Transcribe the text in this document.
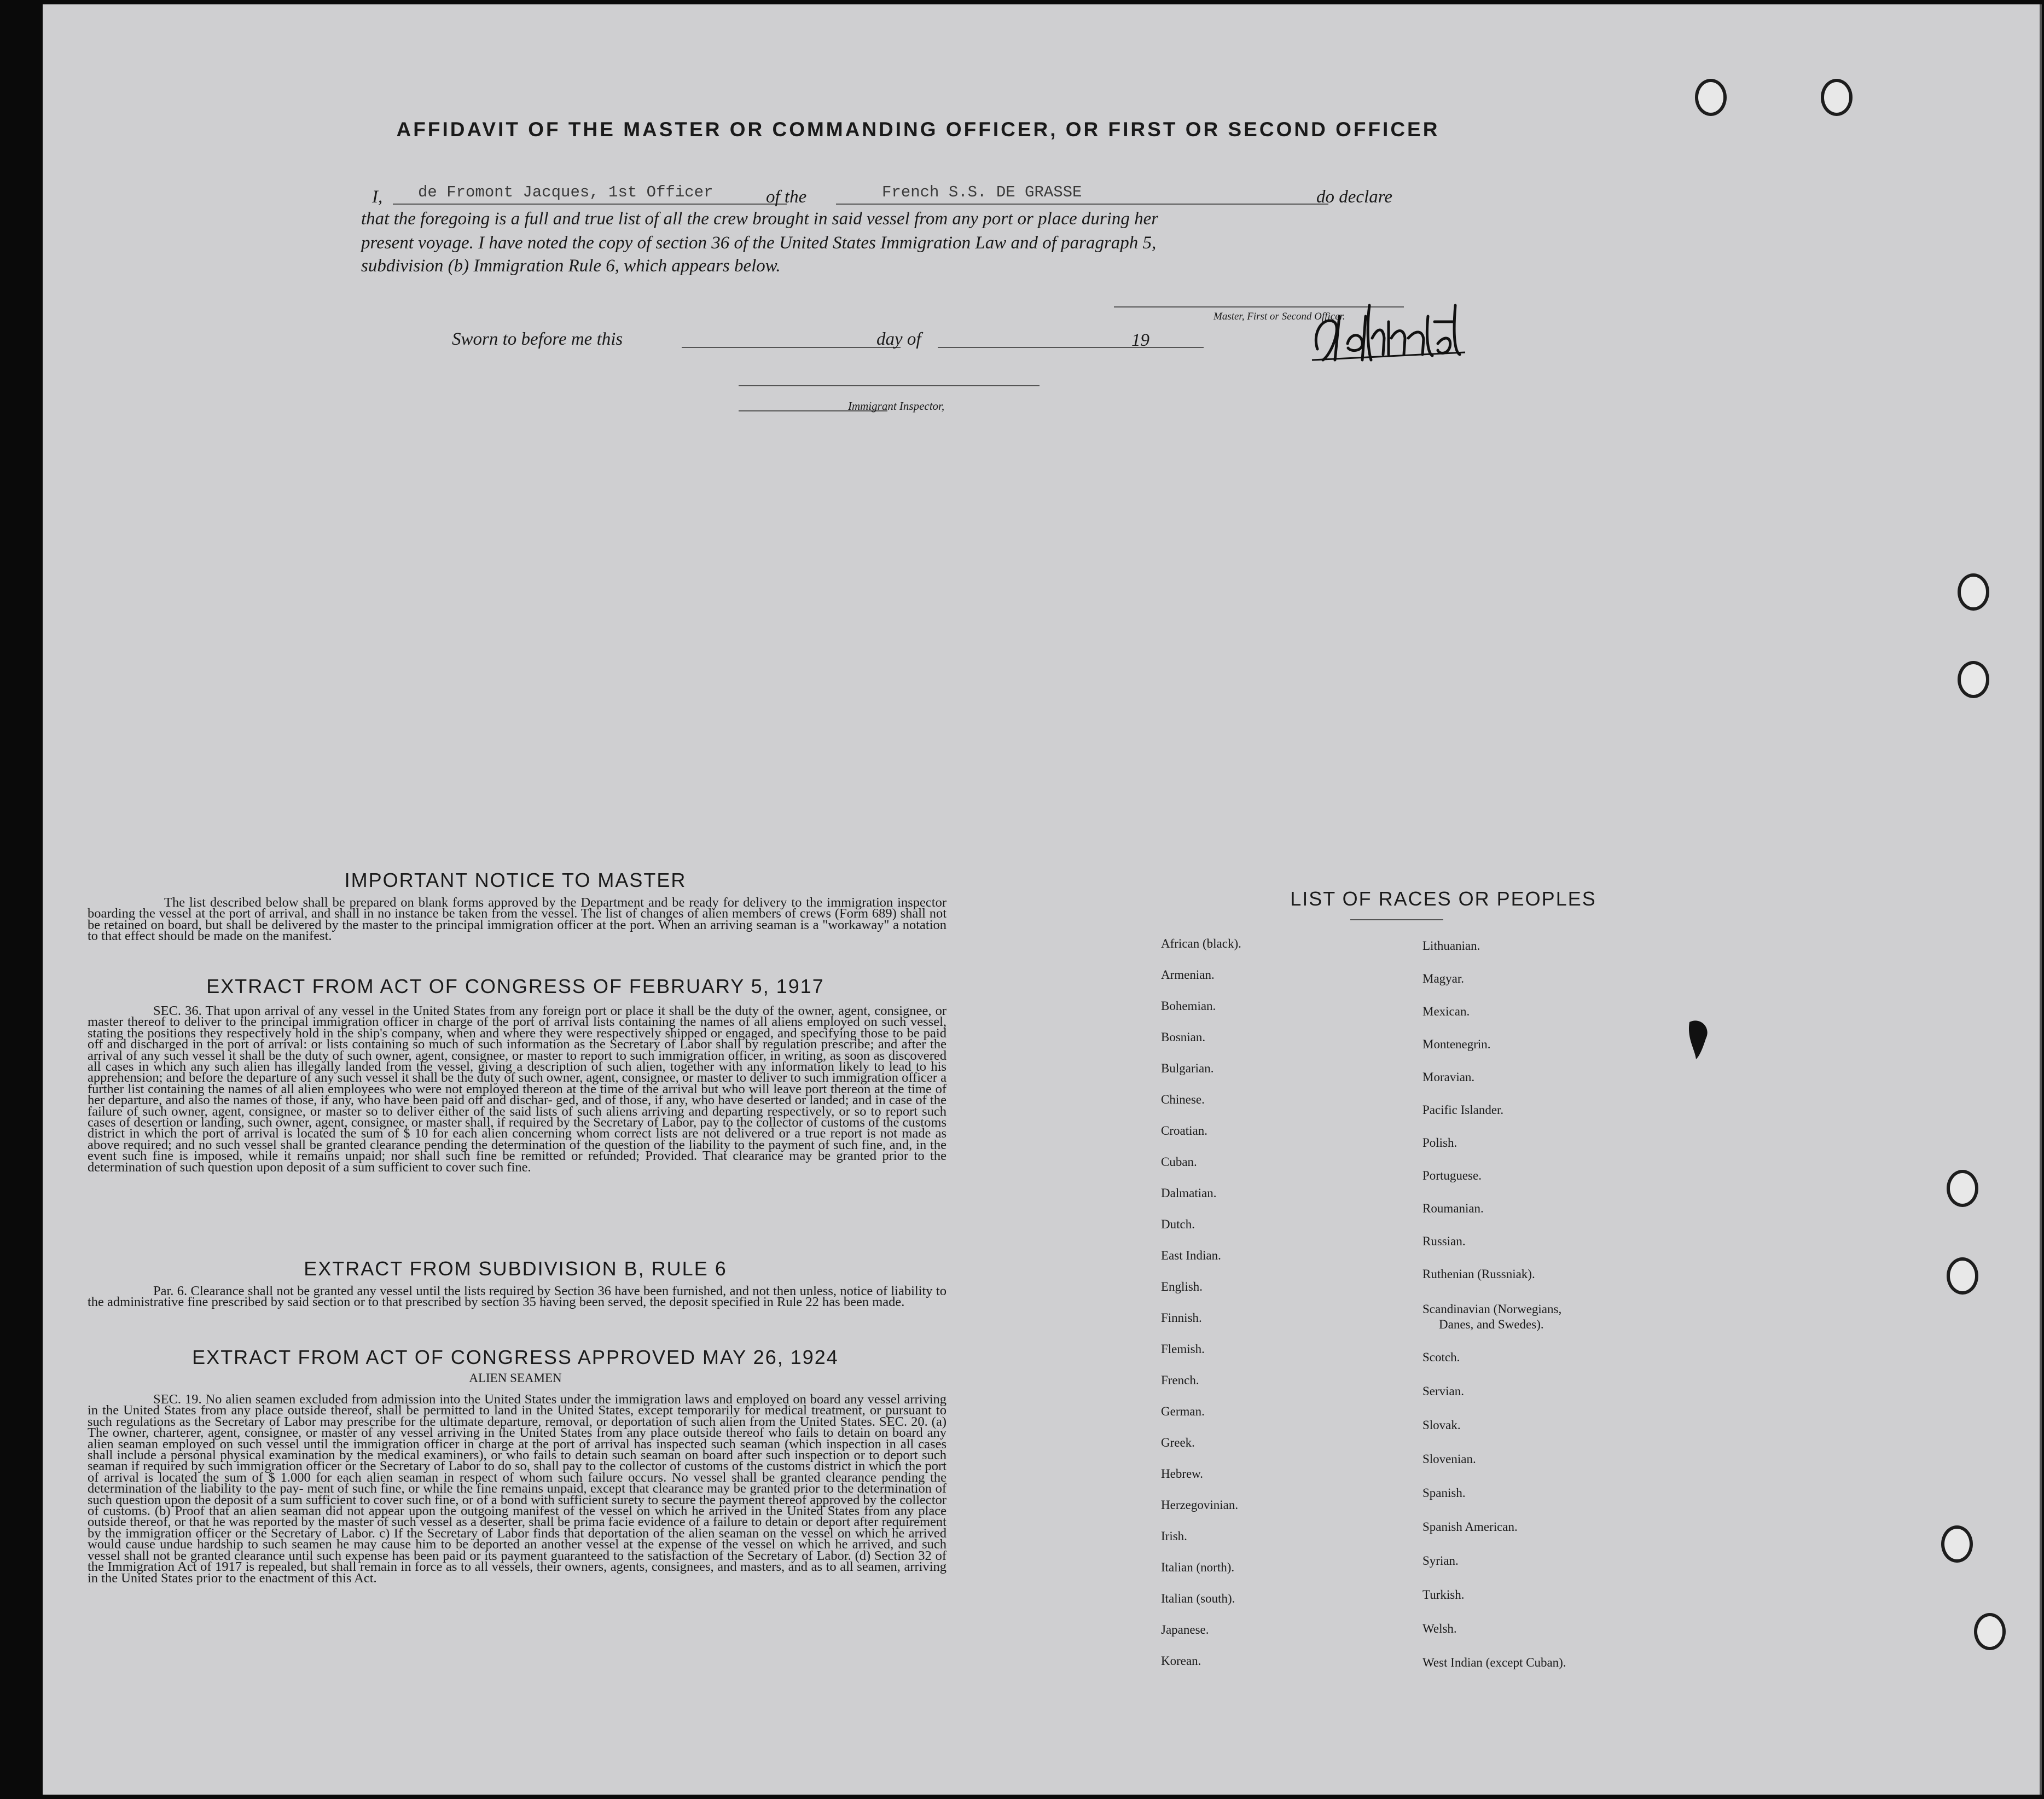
AFFIDAVIT OF THE MASTER OR COMMANDING OFFICER, OR FIRST OR SECOND OFFICER
I, de Fromont Jacques, 1st Officer	of the	French S.S. DE GRASSE	do declare
that the foregoing is a full and true list of all the crew brought in said vessel from any port or place during her
present voyage. I have noted the copy of section 36 of the United States Immigration Law and of paragraph 5,
subdivision (b) Immigration Rule 6, which appears below.
Sworn to before me this	day of	19
Master, First or Second Officer.
Immigrant Inspector,
IMPORTANT NOTICE TO MASTER
The list described below shall be prepared on blank forms approved by the Department and be ready for delivery to the immigration inspector boarding the vessel at the port of arrival, and shall in no instance be taken from the vessel. The list of changes of alien members of crews (Form 689) shall not be retained on board, but shall be delivered by the master to the principal immigration officer at the port. When an arriving seaman is a "workaway" a notation to that effect should be made on the manifest.
EXTRACT FROM ACT OF CONGRESS OF FEBRUARY 5, 1917
SEC. 36. That upon arrival of any vessel in the United States from any foreign port or place it shall be the duty of the owner, agent, consignee, or master thereof to deliver to the principal immigration officer in charge of the port of arrival lists containing the names of all aliens employed on such vessel, stating the positions they respectively hold in the ship's company, when and where they were respectively shipped or engaged, and specifying those to be paid off and discharged in the port of arrival: or lists containing so much of such information as the Secretary of Labor shall by regulation prescribe; and after the arrival of any such vessel it shall be the duty of such owner, agent, consignee, or master to report to such immigration officer, in writing, as soon as discovered all cases in which any such alien has illegally landed from the vessel, giving a description of such alien, together with any information likely to lead to his apprehension; and before the departure of any such vessel it shall be the duty of such owner, agent, consignee, or master to deliver to such immigration officer a further list containing the names of all alien employees who were not employed thereon at the time of the arrival but who will leave port thereon at the time of her departure, and also the names of those, if any, who have been paid off and dischar- ged, and of those, if any, who have deserted or landed; and in case of the failure of such owner, agent, consignee, or master so to deliver either of the said lists of such aliens arriving and departing respectively, or so to report such cases of desertion or landing, such owner, agent, consignee, or master shall, if required by the Secretary of Labor, pay to the collector of customs of the customs district in which the port of arrival is located the sum of $ 10 for each alien concerning whom correct lists are not delivered or a true report is not made as above required; and no such vessel shall be granted clearance pending the determination of the question of the liability to the payment of such fine, and, in the event such fine is imposed, while it remains unpaid; nor shall such fine be remitted or refunded; Provided. That clearance may be granted prior to the determination of such question upon deposit of a sum sufficient to cover such fine.
EXTRACT FROM SUBDIVISION B, RULE 6
Par. 6. Clearance shall not be granted any vessel until the lists required by Section 36 have been furnished, and not then unless, notice of liability to the administrative fine prescribed by said section or to that prescribed by section 35 having been served, the deposit specified in Rule 22 has been made.
EXTRACT FROM ACT OF CONGRESS APPROVED MAY 26, 1924
ALIEN SEAMEN
SEC. 19. No alien seamen excluded from admission into the United States under the immigration laws and employed on board any vessel arriving in the United States from any place outside thereof, shall be permitted to land in the United States, except temporarily for medical treatment, or pursuant to such regulations as the Secretary of Labor may prescribe for the ultimate departure, removal, or deportation of such alien from the United States. SEC. 20. (a) The owner, charterer, agent, consignee, or master of any vessel arriving in the United States from any place outside thereof who fails to detain on board any alien seaman employed on such vessel until the immigration officer in charge at the port of arrival has inspected such seaman (which inspection in all cases shall include a personal physical examination by the medical examiners), or who fails to detain such seaman on board after such inspection or to deport such seaman if required by such immigration officer or the Secretary of Labor to do so, shall pay to the collector of customs of the customs district in which the port of arrival is located the sum of $ 1.000 for each alien seaman in respect of whom such failure occurs. No vessel shall be granted clearance pending the determination of the liability to the pay- ment of such fine, or while the fine remains unpaid, except that clearance may be granted prior to the determination of such question upon the deposit of a sum sufficient to cover such fine, or of a bond with sufficient surety to secure the payment thereof approved by the collector of customs. (b) Proof that an alien seaman did not appear upon the outgoing manifest of the vessel on which he arrived in the United States from any place outside thereof, or that he was reported by the master of such vessel as a deserter, shall be prima facie evidence of a failure to detain or deport after requirement by the immigration officer or the Secretary of Labor. c) If the Secretary of Labor finds that deportation of the alien seaman on the vessel on which he arrived would cause undue hardship to such seamen he may cause him to be deported an another vessel at the expense of the vessel on which he arrived, and such vessel shall not be granted clearance until such expense has been paid or its payment guaranteed to the satisfaction of the Secretary of Labor. (d) Section 32 of the Immigration Act of 1917 is repealed, but shall remain in force as to all vessels, their owners, agents, consignees, and masters, and as to all seamen, arriving in the United States prior to the enactment of this Act.
LIST OF RACES OR PEOPLES
African (black).
Armenian.
Bohemian.
Bosnian.
Bulgarian.
Chinese.
Croatian.
Cuban.
Dalmatian.
Dutch.
East Indian.
English.
Finnish.
Flemish.
French.
German.
Greek.
Hebrew.
Herzegovinian.
Irish.
Italian (north).
Italian (south).
Japanese.
Korean.
Lithuanian.
Magyar.
Mexican.
Montenegrin.
Moravian.
Pacific Islander.
Polish.
Portuguese.
Roumanian.
Russian.
Ruthenian (Russniak).
Scandinavian (Norwegians,
Danes, and Swedes).
Scotch.
Servian.
Slovak.
Slovenian.
Spanish.
Spanish American.
Syrian.
Turkish.
Welsh.
West Indian (except Cuban).
